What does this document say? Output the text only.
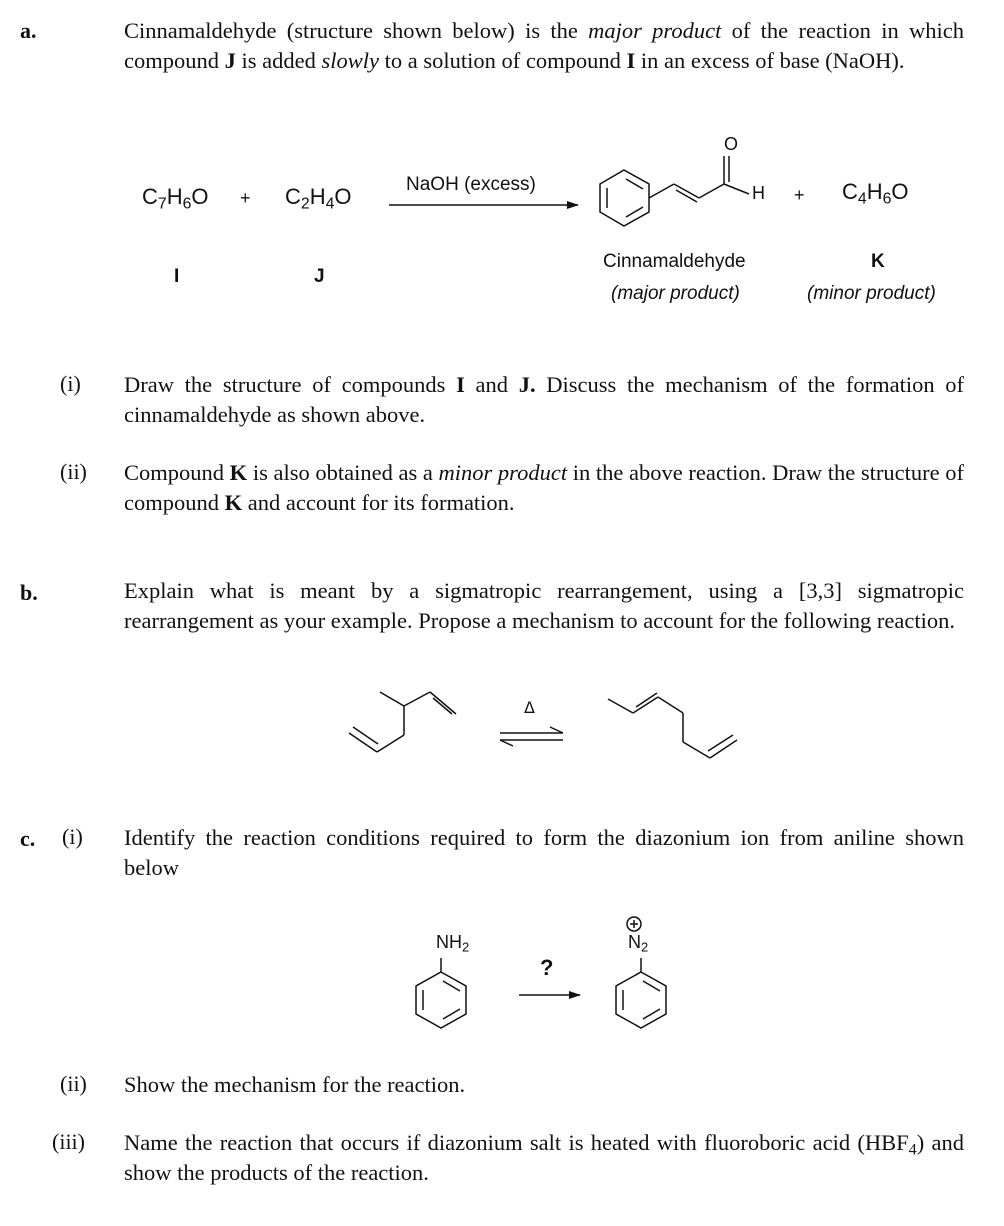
a.	Cinnamaldehyde (structure shown below) is the major product of the reaction in which compound J is added slowly to a solution of compound I in an excess of base (NaOH).
$C_7H_6O + C_2H_4O$
I	J
NaOH (excess)
O
$H + C_4H_6O$
Cinnamaldehyde
(major product)
K
(minor product)
(i) Draw the structure of compounds I and J. Discuss the mechanism of the formation of cinnamaldehyde as shown above.
(ii) Compound K is also obtained as a minor product in the above reaction. Draw the structure of compound K and account for its formation.
b.	Explain what is meant by a sigmatropic rearrangement, using a [3,3] sigmatropic rearrangement as your example. Propose a mechanism to account for the following reaction.
Δ
c. (i) Identify the reaction conditions required to form the diazonium ion from aniline shown below
$NH_2$	$N_2$
?
(ii) Show the mechanism for the reaction.
(iii) Name the reaction that occurs if diazonium salt is heated with fluoroboric acid $(HBF_4)$ and show the products of the reaction.
